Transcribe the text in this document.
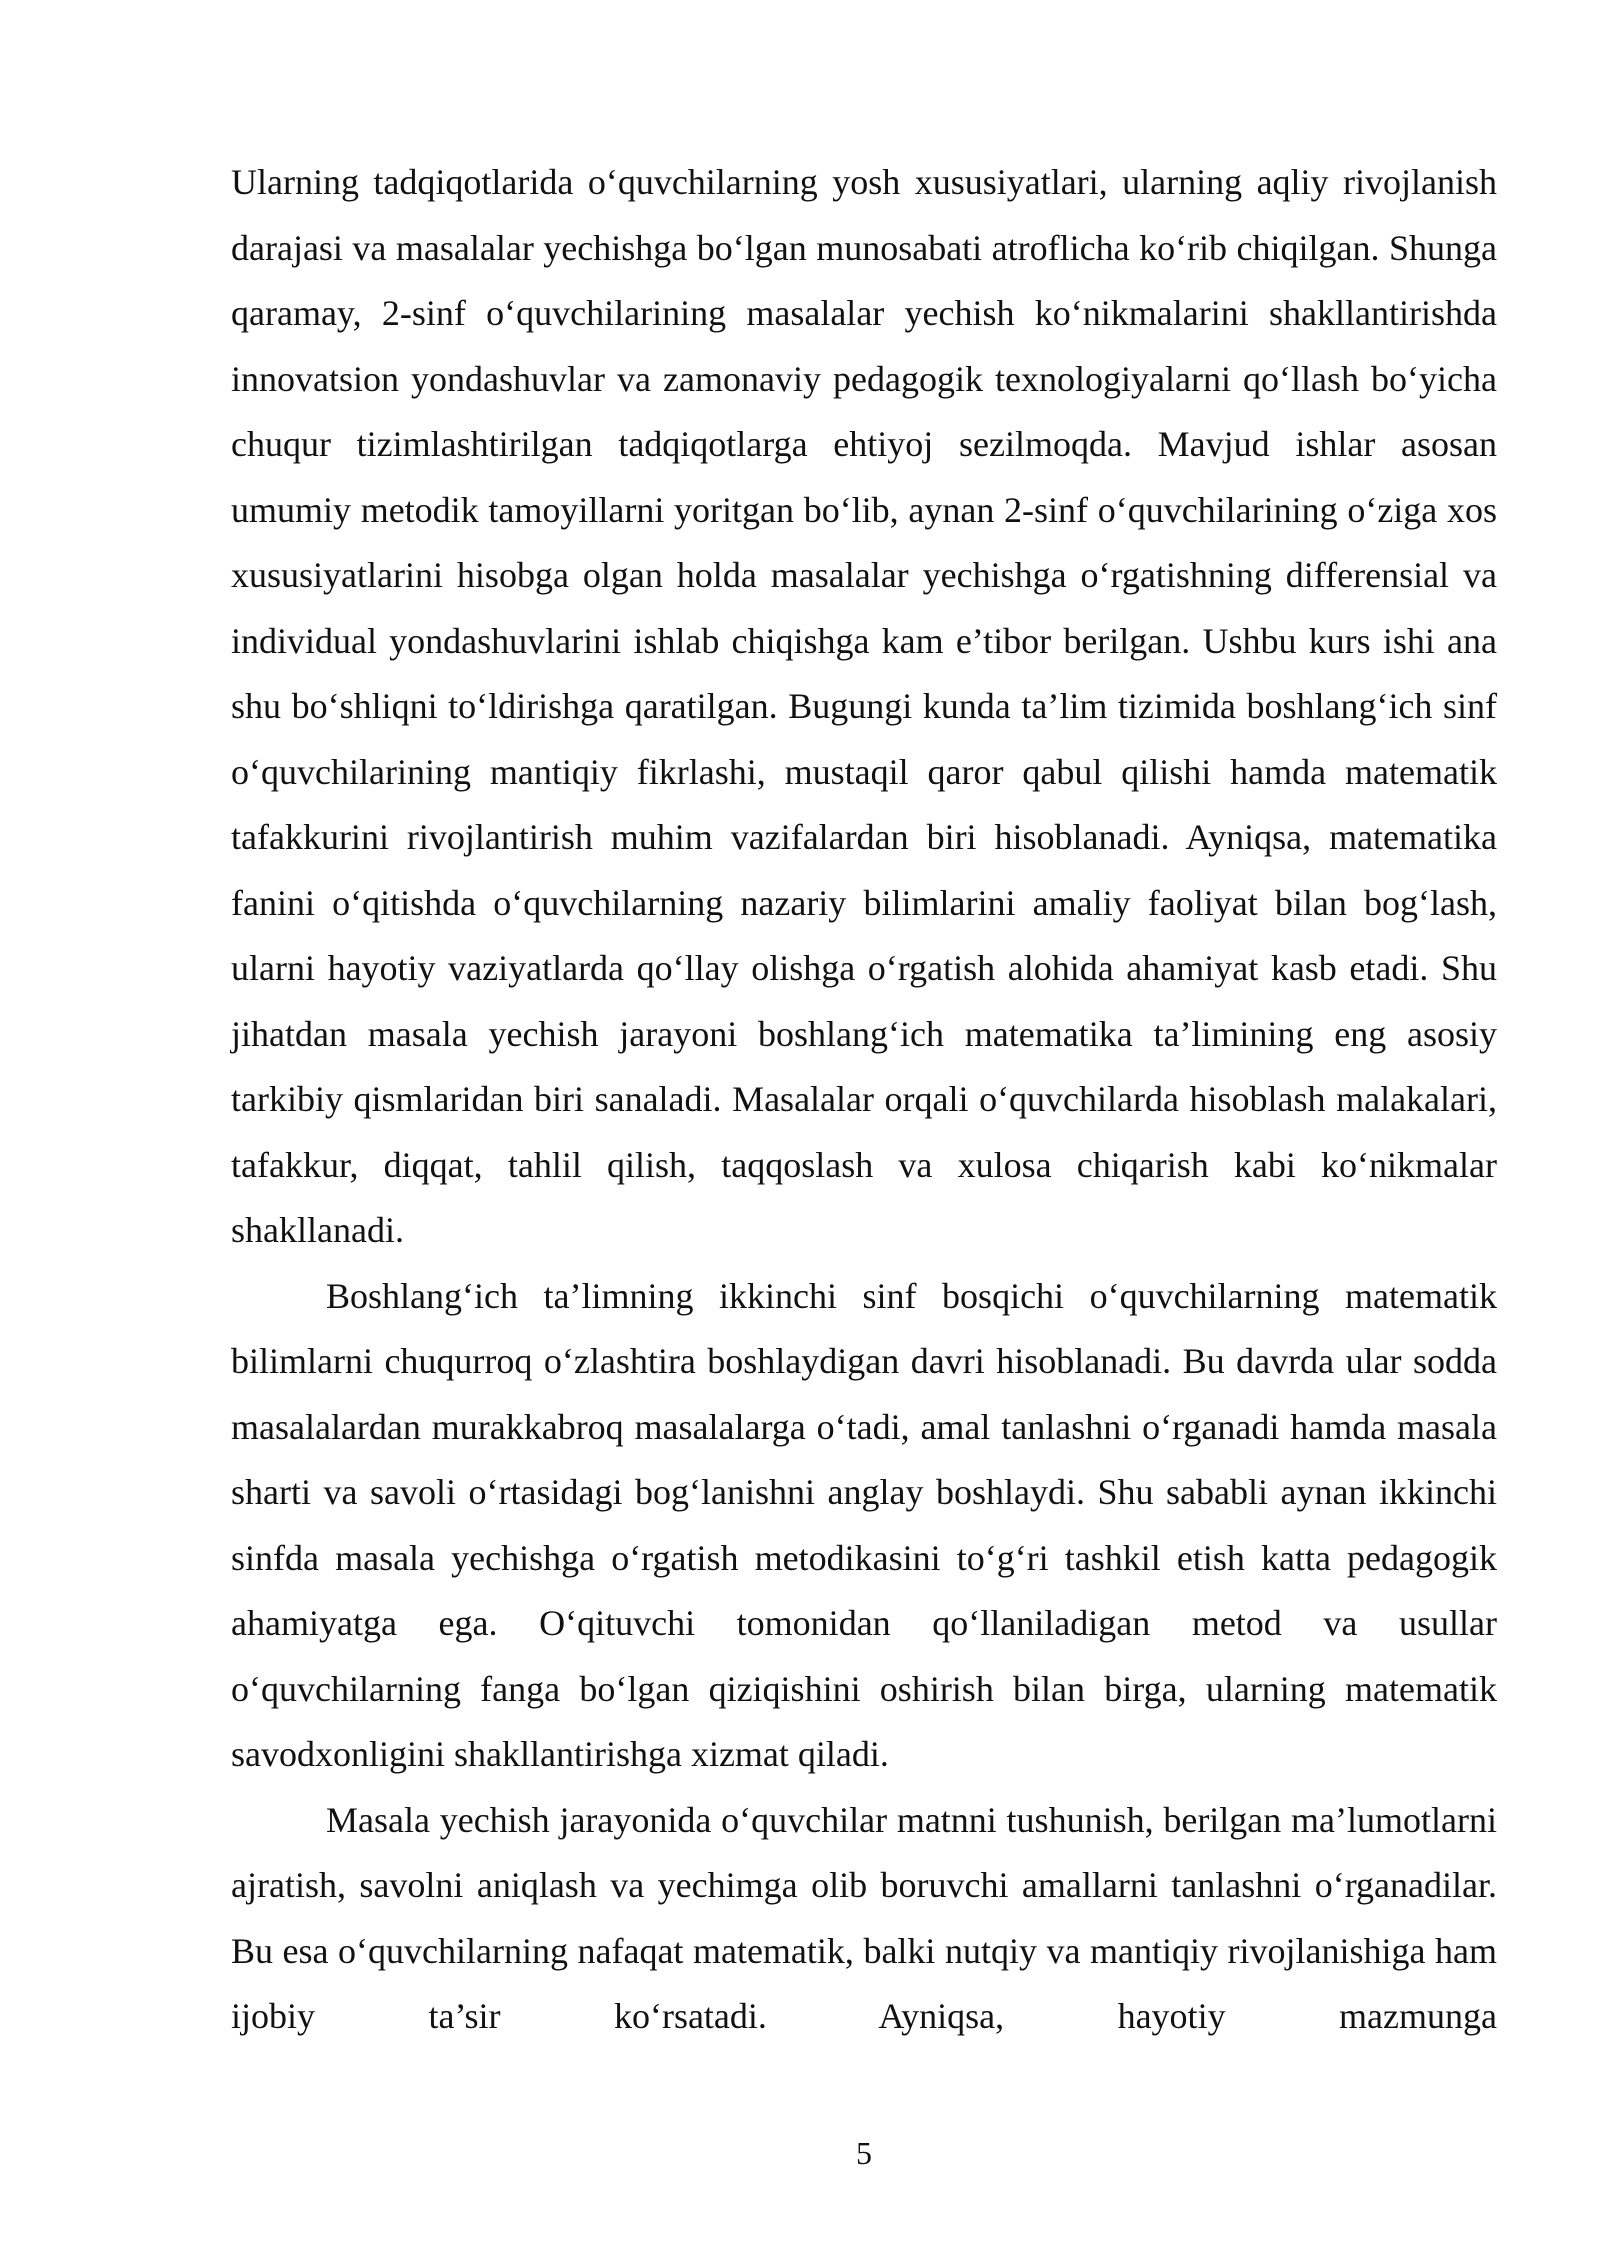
Ularning tadqiqotlarida o‘quvchilarning yosh xususiyatlari, ularning aqliy rivojlanish darajasi va masalalar yechishga bo‘lgan munosabati atroflicha ko‘rib chiqilgan. Shunga qaramay, 2-sinf o‘quvchilarining masalalar yechish ko‘nikmalarini shakllantirishda innovatsion yondashuvlar va zamonaviy pedagogik texnologiyalarni qo‘llash bo‘yicha chuqur tizimlashtirilgan tadqiqotlarga ehtiyoj sezilmoqda. Mavjud ishlar asosan umumiy metodik tamoyillarni yoritgan bo‘lib, aynan 2-sinf o‘quvchilarining o‘ziga xos xususiyatlarini hisobga olgan holda masalalar yechishga o‘rgatishning differensial va individual yondashuvlarini ishlab chiqishga kam e’tibor berilgan. Ushbu kurs ishi ana shu bo‘shliqni to‘ldirishga qaratilgan. Bugungi kunda ta’lim tizimida boshlang‘ich sinf o‘quvchilarining mantiqiy fikrlashi, mustaqil qaror qabul qilishi hamda matematik tafakkurini rivojlantirish muhim vazifalardan biri hisoblanadi. Ayniqsa, matematika fanini o‘qitishda o‘quvchilarning nazariy bilimlarini amaliy faoliyat bilan bog‘lash, ularni hayotiy vaziyatlarda qo‘llay olishga o‘rgatish alohida ahamiyat kasb etadi. Shu jihatdan masala yechish jarayoni boshlang‘ich matematika ta’limining eng asosiy tarkibiy qismlaridan biri sanaladi. Masalalar orqali o‘quvchilarda hisoblash malakalari, tafakkur, diqqat, tahlil qilish, taqqoslash va xulosa chiqarish kabi ko‘nikmalar shakllanadi.

Boshlang‘ich ta’limning ikkinchi sinf bosqichi o‘quvchilarning matematik bilimlarni chuqurroq o‘zlashtira boshlaydigan davri hisoblanadi. Bu davrda ular sodda masalalardan murakkabroq masalalarga o‘tadi, amal tanlashni o‘rganadi hamda masala sharti va savoli o‘rtasidagi bog‘lanishni anglay boshlaydi. Shu sababli aynan ikkinchi sinfda masala yechishga o‘rgatish metodikasini to‘g‘ri tashkil etish katta pedagogik ahamiyatga ega. O‘qituvchi tomonidan qo‘llaniladigan metod va usullar o‘quvchilarning fanga bo‘lgan qiziqishini oshirish bilan birga, ularning matematik savodxonligini shakllantirishga xizmat qiladi.

Masala yechish jarayonida o‘quvchilar matnni tushunish, berilgan ma’lumotlarni ajratish, savolni aniqlash va yechimga olib boruvchi amallarni tanlashni o‘rganadilar. Bu esa o‘quvchilarning nafaqat matematik, balki nutqiy va mantiqiy rivojlanishiga ham ijobiy ta’sir ko‘rsatadi. Ayniqsa, hayotiy mazmunga

5
